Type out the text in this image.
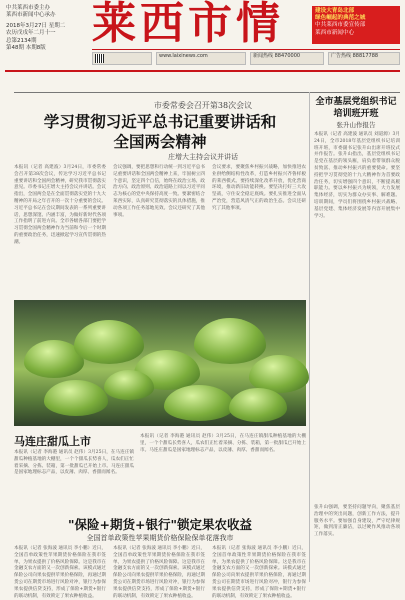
中共莱西市委主办
莱西市新闻中心承办
2018年3月27日 星期二
农历戊戌年二月十一
总第2134期
第48期 本期8版	莱西市情	建设大青岛北部
绿色崛起的典范之城
中共莱西市委宣传部
莱西市新闻中心
www.laixinews.com	新闻热线 88470000	广告热线 88817788
市委常委会召开第38次会议
学习贯彻习近平总书记重要讲话和
全国两会精神
庄增大主持会议并讲话
本报讯（记者 高建波）3月24日，市委常委会召开第38次会议，传达学习习近平总书记重要讲话和全国两会精神，研究我市贯彻落实意见。市委书记庄增大主持会议并讲话。会议指出，全国两会是在全面贯彻落实党的十九大精神的开局之年召开的一次十分重要的会议。习近平总书记在会议期间发表的一系列重要讲话，思想深邃、内涵丰富，为做好新时代各项工作指明了前进方向。全市各级各部门要把学习贯彻全国两会精神作为当前和今后一个时期的重要政治任务，迅速掀起学习宣传贯彻的热潮。
会议强调，要把思想和行动统一到习近平总书记重要讲话和全国两会精神上来，牢固树立四个意识，坚定四个自信，始终在政治立场、政治方向、政治原则、政治道路上同以习近平同志为核心的党中央保持高度一致。要紧密结合莱西实际，认真研究贯彻落实的具体措施，推动各项工作任务落地见效。会议还研究了其他事项。
会议要求，要聚焦乡村振兴战略，加快推进农业供给侧结构性改革，打造乡村振兴齐鲁样板的莱西模式。要持续深化改革开放，优化营商环境，推动新旧动能转换。要坚决打好三大攻坚战，守住安全稳定底线。要扎实推进全面从严治党，营造风清气正的政治生态。会议还研究了其他事项。
马连庄甜瓜上市
本报讯（记者 李海港 通讯员 赵伟）3月25日，在马连庄镇甜瓜种植基地的大棚里，一个个甜瓜长势喜人，瓜农们正忙着采摘、分拣、装箱，第一批甜瓜已开始上市。马连庄甜瓜是国家地理标志产品，以皮薄、肉厚、香甜而闻名。
本报讯（记者 李海港 通讯员 赵伟）3月25日，在马连庄镇甜瓜种植基地的大棚里，一个个甜瓜长势喜人，瓜农们正忙着采摘、分拣、装箱，第一批甜瓜已开始上市。马连庄甜瓜是国家地理标志产品，以皮薄、肉厚、香甜而闻名。
"保险+期货+银行"锁定果农收益
全国首单政策性苹果期货价格保险保单花落我市
本报讯（记者 张海波 通讯员 李小鹏）近日，全国首单政策性苹果期货价格保险在我市签单，为果农提供了价格风险保障。这是我市在金融支农方面的又一次创新探索。该模式通过保险公司向果农提供苹果价格保险，再通过期货公司在期货市场进行风险对冲，银行为参保果农提供信贷支持，形成了保险+期货+银行的联动机制，有效锁定了果农种植收益。
本报讯（记者 张海波 通讯员 李小鹏）近日，全国首单政策性苹果期货价格保险在我市签单，为果农提供了价格风险保障。这是我市在金融支农方面的又一次创新探索。该模式通过保险公司向果农提供苹果价格保险，再通过期货公司在期货市场进行风险对冲，银行为参保果农提供信贷支持，形成了保险+期货+银行的联动机制，有效锁定了果农种植收益。
本报讯（记者 张海波 通讯员 李小鹏）近日，全国首单政策性苹果期货价格保险在我市签单，为果农提供了价格风险保障。这是我市在金融支农方面的又一次创新探索。该模式通过保险公司向果农提供苹果价格保险，再通过期货公司在期货市场进行风险对冲，银行为参保果农提供信贷支持，形成了保险+期货+银行的联动机制，有效锁定了果农种植收益。
全市基层党组织书记
培训班开班
张升山作报告
本报讯（记者 高建波 通讯员 刘道源）3月24日，全市2018年基层党组织书记培训班开班，市委副书记张升山出席开班仪式并作报告。张升山指出，基层党组织书记是党在基层的领头雁，肩负着带领群众脱贫致富、推动乡村振兴的重要使命。要坚持把学习贯彻党的十九大精神作为首要政治任务，切实增强四个意识，不断提高履职能力。要以乡村振兴为统领，大力发展集体经济，切实为群众办实事、解难题。培训期间，学员们将围绕乡村振兴战略、基层党建、集体经济发展等内容开展集中学习。
张升山强调，要坚持问题导向，聚焦基层治理中的突出问题，创新工作方法，提升服务水平。要加强自身建设，严守纪律规矩，做到清正廉洁，以过硬作风推动各项工作落实。
